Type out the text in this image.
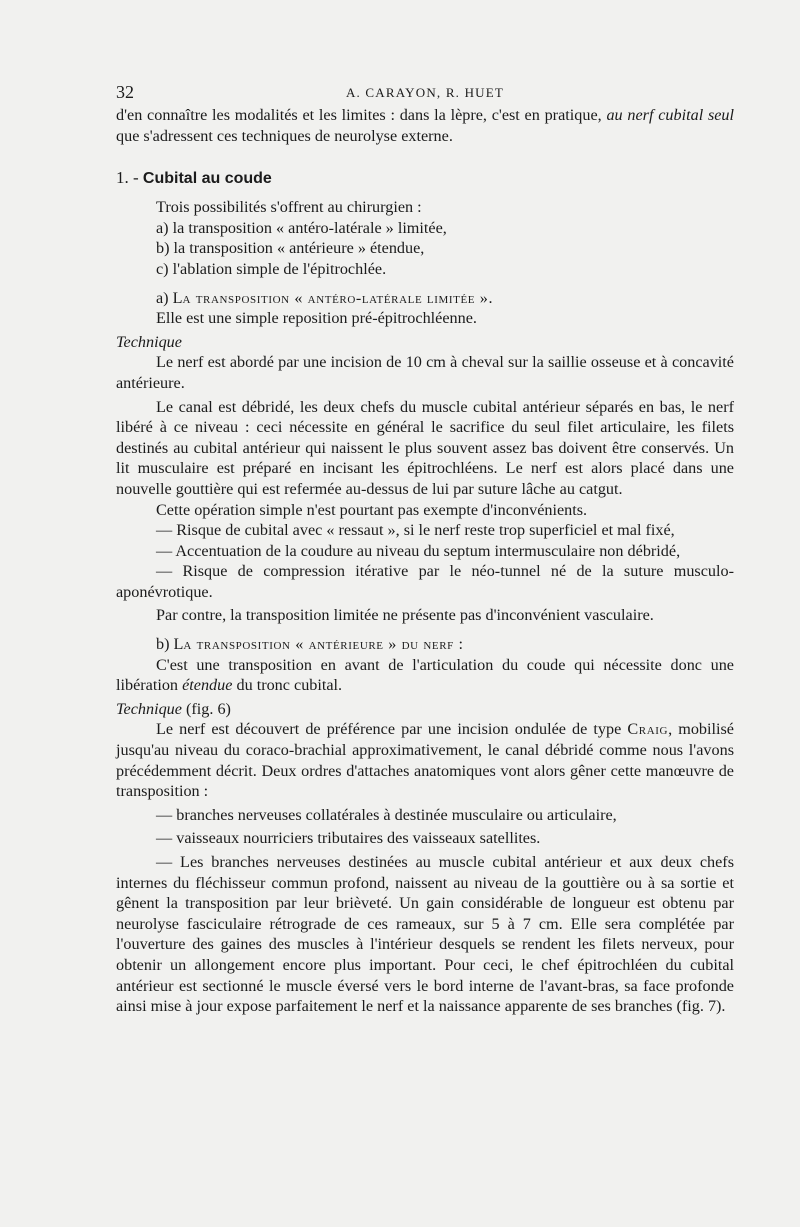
32	A. CARAYON, R. HUET

d'en connaître les modalités et les limites : dans la lèpre, c'est en pratique, au nerf cubital seul que s'adressent ces techniques de neurolyse externe.

1. - Cubital au coude

Trois possibilités s'offrent au chirurgien :

a) la transposition « antéro-latérale » limitée,

b) la transposition « antérieure » étendue,

c) l'ablation simple de l'épitrochlée.

a) La transposition « antéro-latérale limitée ».

Elle est une simple reposition pré-épitrochléenne.

Technique

Le nerf est abordé par une incision de 10 cm à cheval sur la saillie osseuse et à concavité antérieure.

Le canal est débridé, les deux chefs du muscle cubital antérieur séparés en bas, le nerf libéré à ce niveau : ceci nécessite en général le sacrifice du seul filet articulaire, les filets destinés au cubital antérieur qui naissent le plus souvent assez bas doivent être conservés. Un lit musculaire est préparé en incisant les épitrochléens. Le nerf est alors placé dans une nouvelle gouttière qui est refermée au-dessus de lui par suture lâche au catgut.

Cette opération simple n'est pourtant pas exempte d'inconvénients.

— Risque de cubital avec « ressaut », si le nerf reste trop superficiel et mal fixé,

— Accentuation de la coudure au niveau du septum intermusculaire non débridé,

— Risque de compression itérative par le néo-tunnel né de la suture musculo-aponévrotique.

Par contre, la transposition limitée ne présente pas d'inconvénient vasculaire.

b) La transposition « antérieure » du nerf :

C'est une transposition en avant de l'articulation du coude qui nécessite donc une libération étendue du tronc cubital.

Technique (fig. 6)

Le nerf est découvert de préférence par une incision ondulée de type Craig, mobilisé jusqu'au niveau du coraco-brachial approximativement, le canal débridé comme nous l'avons précédemment décrit. Deux ordres d'attaches anatomiques vont alors gêner cette manœuvre de transposition :

— branches nerveuses collatérales à destinée musculaire ou articulaire,

— vaisseaux nourriciers tributaires des vaisseaux satellites.

— Les branches nerveuses destinées au muscle cubital antérieur et aux deux chefs internes du fléchisseur commun profond, naissent au niveau de la gouttière ou à sa sortie et gênent la transposition par leur brièveté. Un gain considérable de longueur est obtenu par neurolyse fasciculaire rétrograde de ces rameaux, sur 5 à 7 cm. Elle sera complétée par l'ouverture des gaines des muscles à l'intérieur desquels se rendent les filets nerveux, pour obtenir un allongement encore plus important. Pour ceci, le chef épitrochléen du cubital antérieur est sectionné le muscle éversé vers le bord interne de l'avant-bras, sa face profonde ainsi mise à jour expose parfaitement le nerf et la naissance apparente de ses branches (fig. 7).
